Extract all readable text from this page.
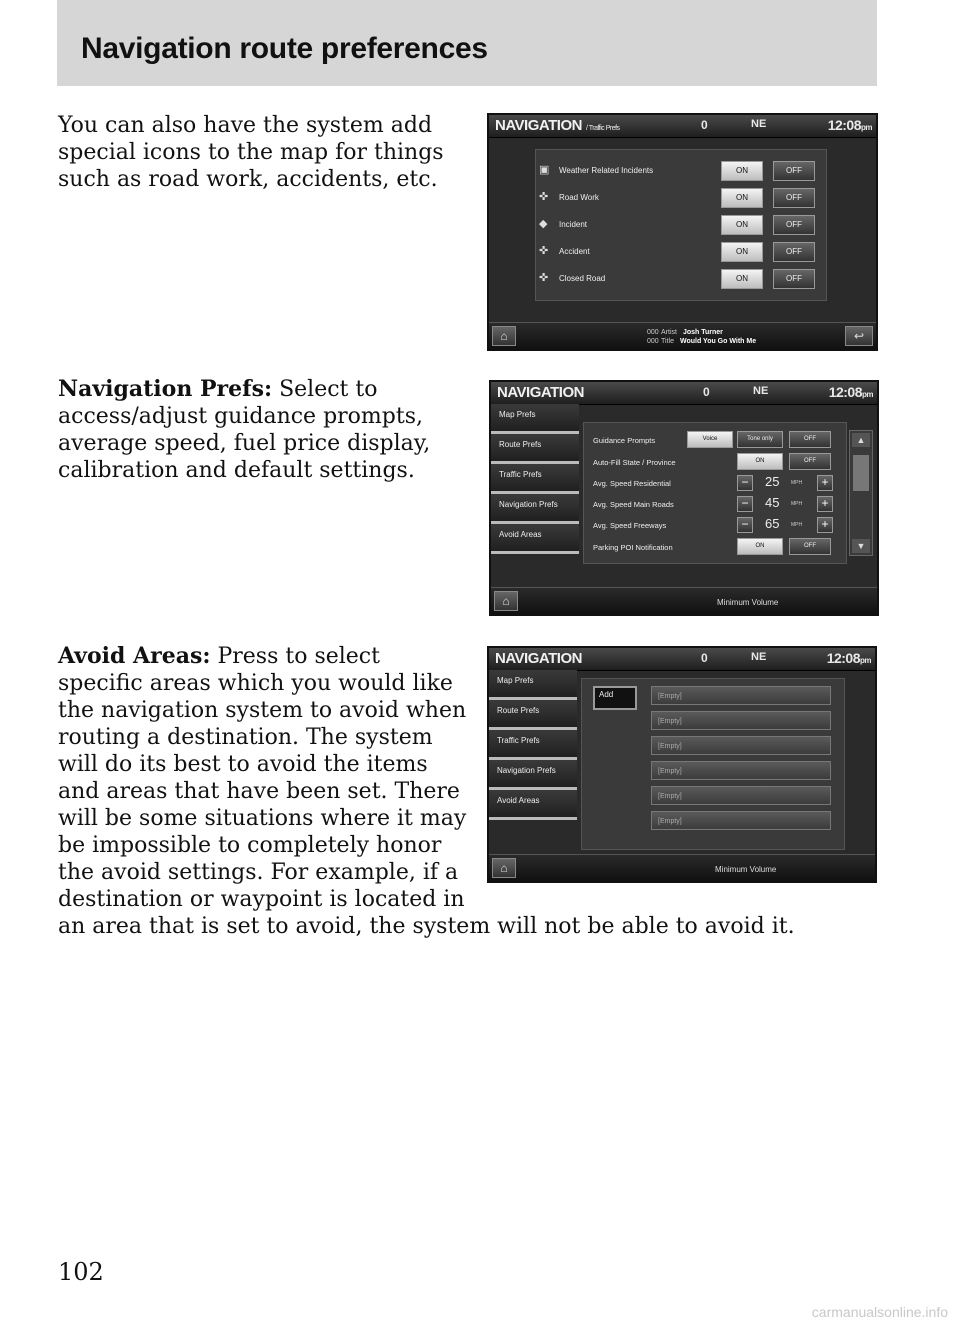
Navigation route preferences
You can also have the system add special icons to the map for things such as road work, accidents, etc.
NAVIGATION / Traffic Prefs	0	NE	12:08pm
▣ Weather Related Incidents	ON	OFF
✜ Road Work	ON	OFF
◆ Incident	ON	OFF
✜ Accident	ON	OFF
✜ Closed Road	ON	OFF
⌂	000 Artist Josh Turner
000 Title Would You Go With Me	↩
Navigation Prefs: Select to access/adjust guidance prompts, average speed, fuel price display, calibration and default settings.
NAVIGATION	0	NE	12:08pm
Map Prefs
Route Prefs
Traffic Prefs
Navigation Prefs
Avoid Areas
Guidance Prompts	Voice	Tone only	OFF
Auto-Fill State / Province	ON	OFF
Avg. Speed Residential	−	25 MPH	+
Avg. Speed Main Roads	−	45 MPH	+
Avg. Speed Freeways	−	65 MPH	+
Parking POI Notification	ON	OFF
▲
▼
⌂	Minimum Volume
Avoid Areas: Press to select specific areas which you would like the navigation system to avoid when routing a destination. The system will do its best to avoid the items and areas that have been set. There will be some situations where it may be impossible to completely honor the avoid settings. For example, if a destination or waypoint is located in
an area that is set to avoid, the system will not be able to avoid it.
NAVIGATION	0	NE	12:08pm
Map Prefs
Route Prefs
Traffic Prefs
Navigation Prefs
Avoid Areas
Add	[Empty]
[Empty]
[Empty]
[Empty]
[Empty]
[Empty]
⌂	Minimum Volume
102
carmanualsonline.info
